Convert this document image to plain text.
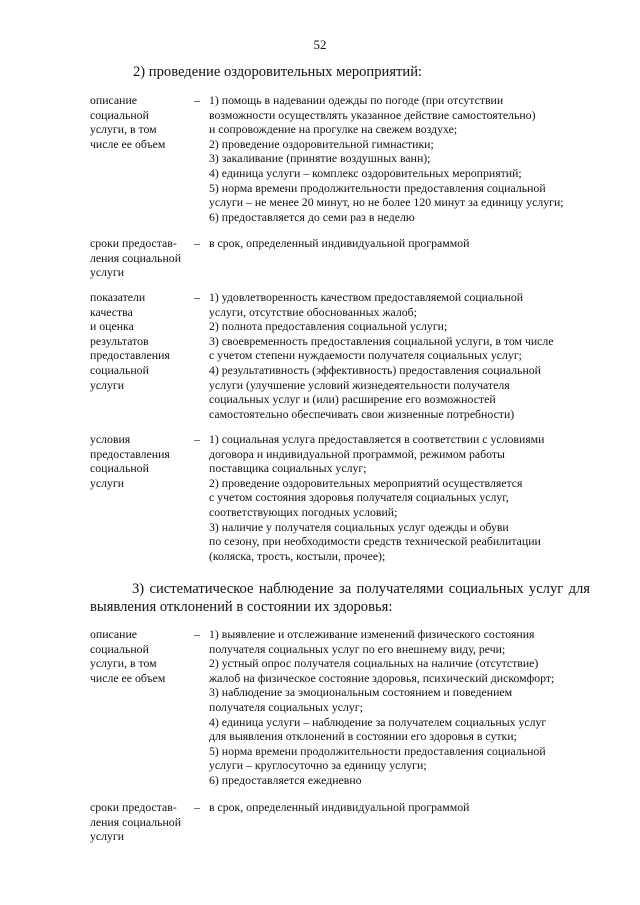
52
2) проведение оздоровительных мероприятий:
описание
социальной
услуги, в том
числе ее объем
– 1) помощь в надевании одежды по погоде (при отсутствии
возможности осуществлять указанное действие самостоятельно)
и сопровождение на прогулке на свежем воздухе;
2) проведение оздоровительной гимнастики;
3) закаливание (принятие воздушных ванн);
4) единица услуги – комплекс оздоровительных мероприятий;
5) норма времени продолжительности предоставления социальной
услуги – не менее 20 минут, но не более 120 минут за единицу услуги;
6) предоставляется до семи раз в неделю
сроки предостав-
ления социальной
услуги
– в срок, определенный индивидуальной программой
показатели
качества
и оценка
результатов
предоставления
социальной
услуги
– 1) удовлетворенность качеством предоставляемой социальной
услуги, отсутствие обоснованных жалоб;
2) полнота предоставления социальной услуги;
3) своевременность предоставления социальной услуги, в том числе
с учетом степени нуждаемости получателя социальных услуг;
4) результативность (эффективность) предоставления социальной
услуги (улучшение условий жизнедеятельности получателя
социальных услуг и (или) расширение его возможностей
самостоятельно обеспечивать свои жизненные потребности)
условия
предоставления
социальной
услуги
– 1) социальная услуга предоставляется в соответствии с условиями
договора и индивидуальной программой, режимом работы
поставщика социальных услуг;
2) проведение оздоровительных мероприятий осуществляется
с учетом состояния здоровья получателя социальных услуг,
соответствующих погодных условий;
3) наличие у получателя социальных услуг одежды и обуви
по сезону, при необходимости средств технической реабилитации
(коляска, трость, костыли, прочее);
3) систематическое наблюдение за получателями социальных услуг для
выявления отклонений в состоянии их здоровья:
описание
социальной
услуги, в том
числе ее объем
– 1) выявление и отслеживание изменений физического состояния
получателя социальных услуг по его внешнему виду, речи;
2) устный опрос получателя социальных на наличие (отсутствие)
жалоб на физическое состояние здоровья, психический дискомфорт;
3) наблюдение за эмоциональным состоянием и поведением
получателя социальных услуг;
4) единица услуги – наблюдение за получателем социальных услуг
для выявления отклонений в состоянии его здоровья в сутки;
5) норма времени продолжительности предоставления социальной
услуги – круглосуточно за единицу услуги;
6) предоставляется ежедневно
сроки предостав-
ления социальной
услуги
– в срок, определенный индивидуальной программой
